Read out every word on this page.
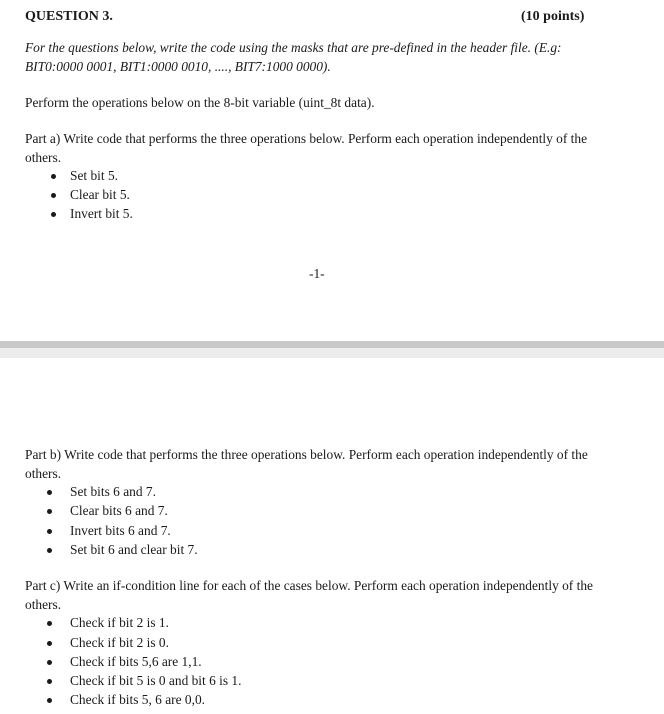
QUESTION 3.	(10 points)
For the questions below, write the code using the masks that are pre-defined in the header file. (E.g:
BIT0:0000 0001, BIT1:0000 0010, ...., BIT7:1000 0000).
Perform the operations below on the 8-bit variable (uint_8t data).
Part a) Write code that performs the three operations below. Perform each operation independently of the
others.
Set bit 5.
Clear bit 5.
Invert bit 5.
-1-
Part b) Write code that performs the three operations below. Perform each operation independently of the
others.
Set bits 6 and 7.
Clear bits 6 and 7.
Invert bits 6 and 7.
Set bit 6 and clear bit 7.
Part c) Write an if-condition line for each of the cases below. Perform each operation independently of the
others.
Check if bit 2 is 1.
Check if bit 2 is 0.
Check if bits 5,6 are 1,1.
Check if bit 5 is 0 and bit 6 is 1.
Check if bits 5, 6 are 0,0.
